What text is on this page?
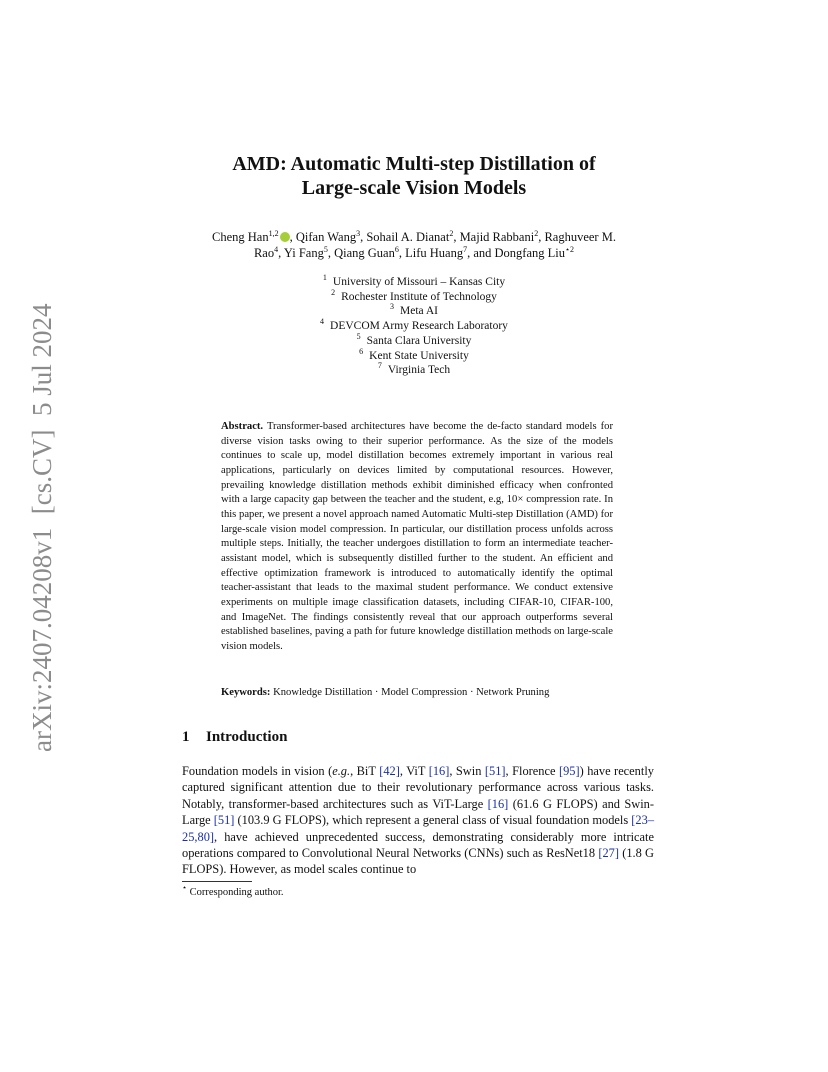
arXiv:2407.04208v1  [cs.CV]  5 Jul 2024
AMD: Automatic Multi-step Distillation of
Large-scale Vision Models
Cheng Han$^{1,2}$ , Qifan Wang$^3$, Sohail A. Dianat$^2$, Majid Rabbani$^2$, Raghuveer M.
Rao$^4$, Yi Fang$^5$, Qiang Guan$^6$, Lifu Huang$^7$, and Dongfang Liu$^{⋆2}$
$^1$ University of Missouri – Kansas City
$^2$ Rochester Institute of Technology
$^3$ Meta AI
$^4$ DEVCOM Army Research Laboratory
$^5$ Santa Clara University
$^6$ Kent State University
$^7$ Virginia Tech
Abstract. Transformer-based architectures have become the de-facto standard models for diverse vision tasks owing to their superior performance. As the size of the models continues to scale up, model distillation becomes extremely important in various real applications, particularly on devices limited by computational resources. However, prevailing knowledge distillation methods exhibit diminished efficacy when confronted with a large capacity gap between the teacher and the student, e.g, 10× compression rate. In this paper, we present a novel approach named Automatic Multi-step Distillation (AMD) for large-scale vision model compression. In particular, our distillation process unfolds across multiple steps. Initially, the teacher undergoes distillation to form an intermediate teacher-assistant model, which is subsequently distilled further to the student. An efficient and effective optimization framework is introduced to automatically identify the optimal teacher-assistant that leads to the maximal student performance. We conduct extensive experiments on multiple image classification datasets, including CIFAR-10, CIFAR-100, and ImageNet. The findings consistently reveal that our approach outperforms several established baselines, paving a path for future knowledge distillation methods on large-scale vision models.
Keywords: Knowledge Distillation · Model Compression · Network Pruning
1 Introduction
Foundation models in vision (e.g., BiT [42], ViT [16], Swin [51], Florence [95]) have recently captured significant attention due to their revolutionary performance across various tasks. Notably, transformer-based architectures such as ViT-Large [16] (61.6 G FLOPS) and Swin-Large [51] (103.9 G FLOPS), which represent a general class of visual foundation models [23–25,80], have achieved unprecedented success, demonstrating considerably more intricate operations compared to Convolutional Neural Networks (CNNs) such as ResNet18 [27] (1.8 G FLOPS). However, as model scales continue to
⋆ Corresponding author.
